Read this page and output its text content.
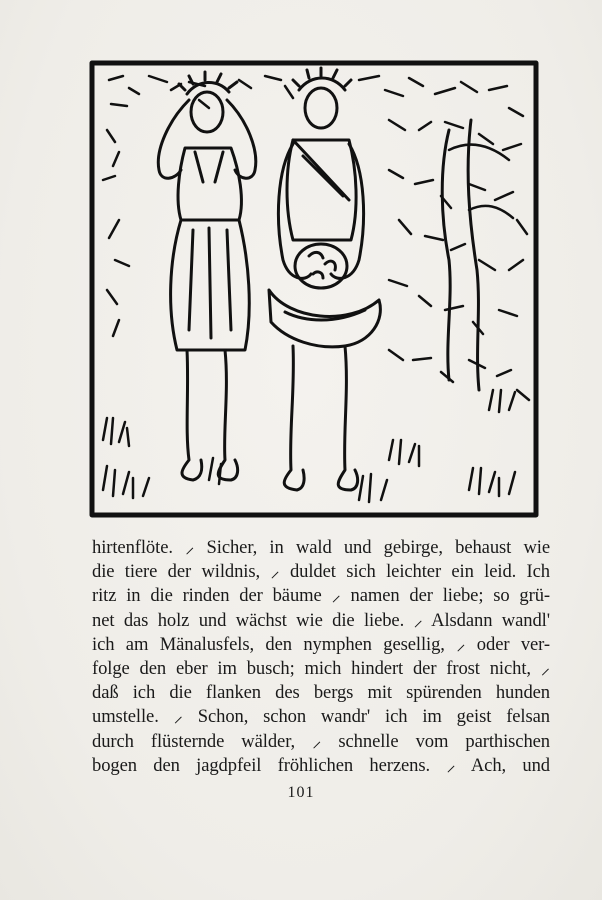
hirtenflöte. ⸝ Sicher, in wald und gebirge, behaust wie
die tiere der wildnis, ⸝ duldet sich leichter ein leid. Ich
ritz in die rinden der bäume ⸝ namen der liebe; so grü-
net das holz und wächst wie die liebe. ⸝ Alsdann wandl'
ich am Mänalusfels, den nymphen gesellig, ⸝ oder ver-
folge den eber im busch; mich hindert der frost nicht, ⸝
daß ich die flanken des bergs mit spürenden hunden
umstelle. ⸝ Schon, schon wandr' ich im geist felsan
durch flüsternde wälder, ⸝ schnelle vom parthischen
bogen den jagdpfeil fröhlichen herzens. ⸝ Ach, und
101
